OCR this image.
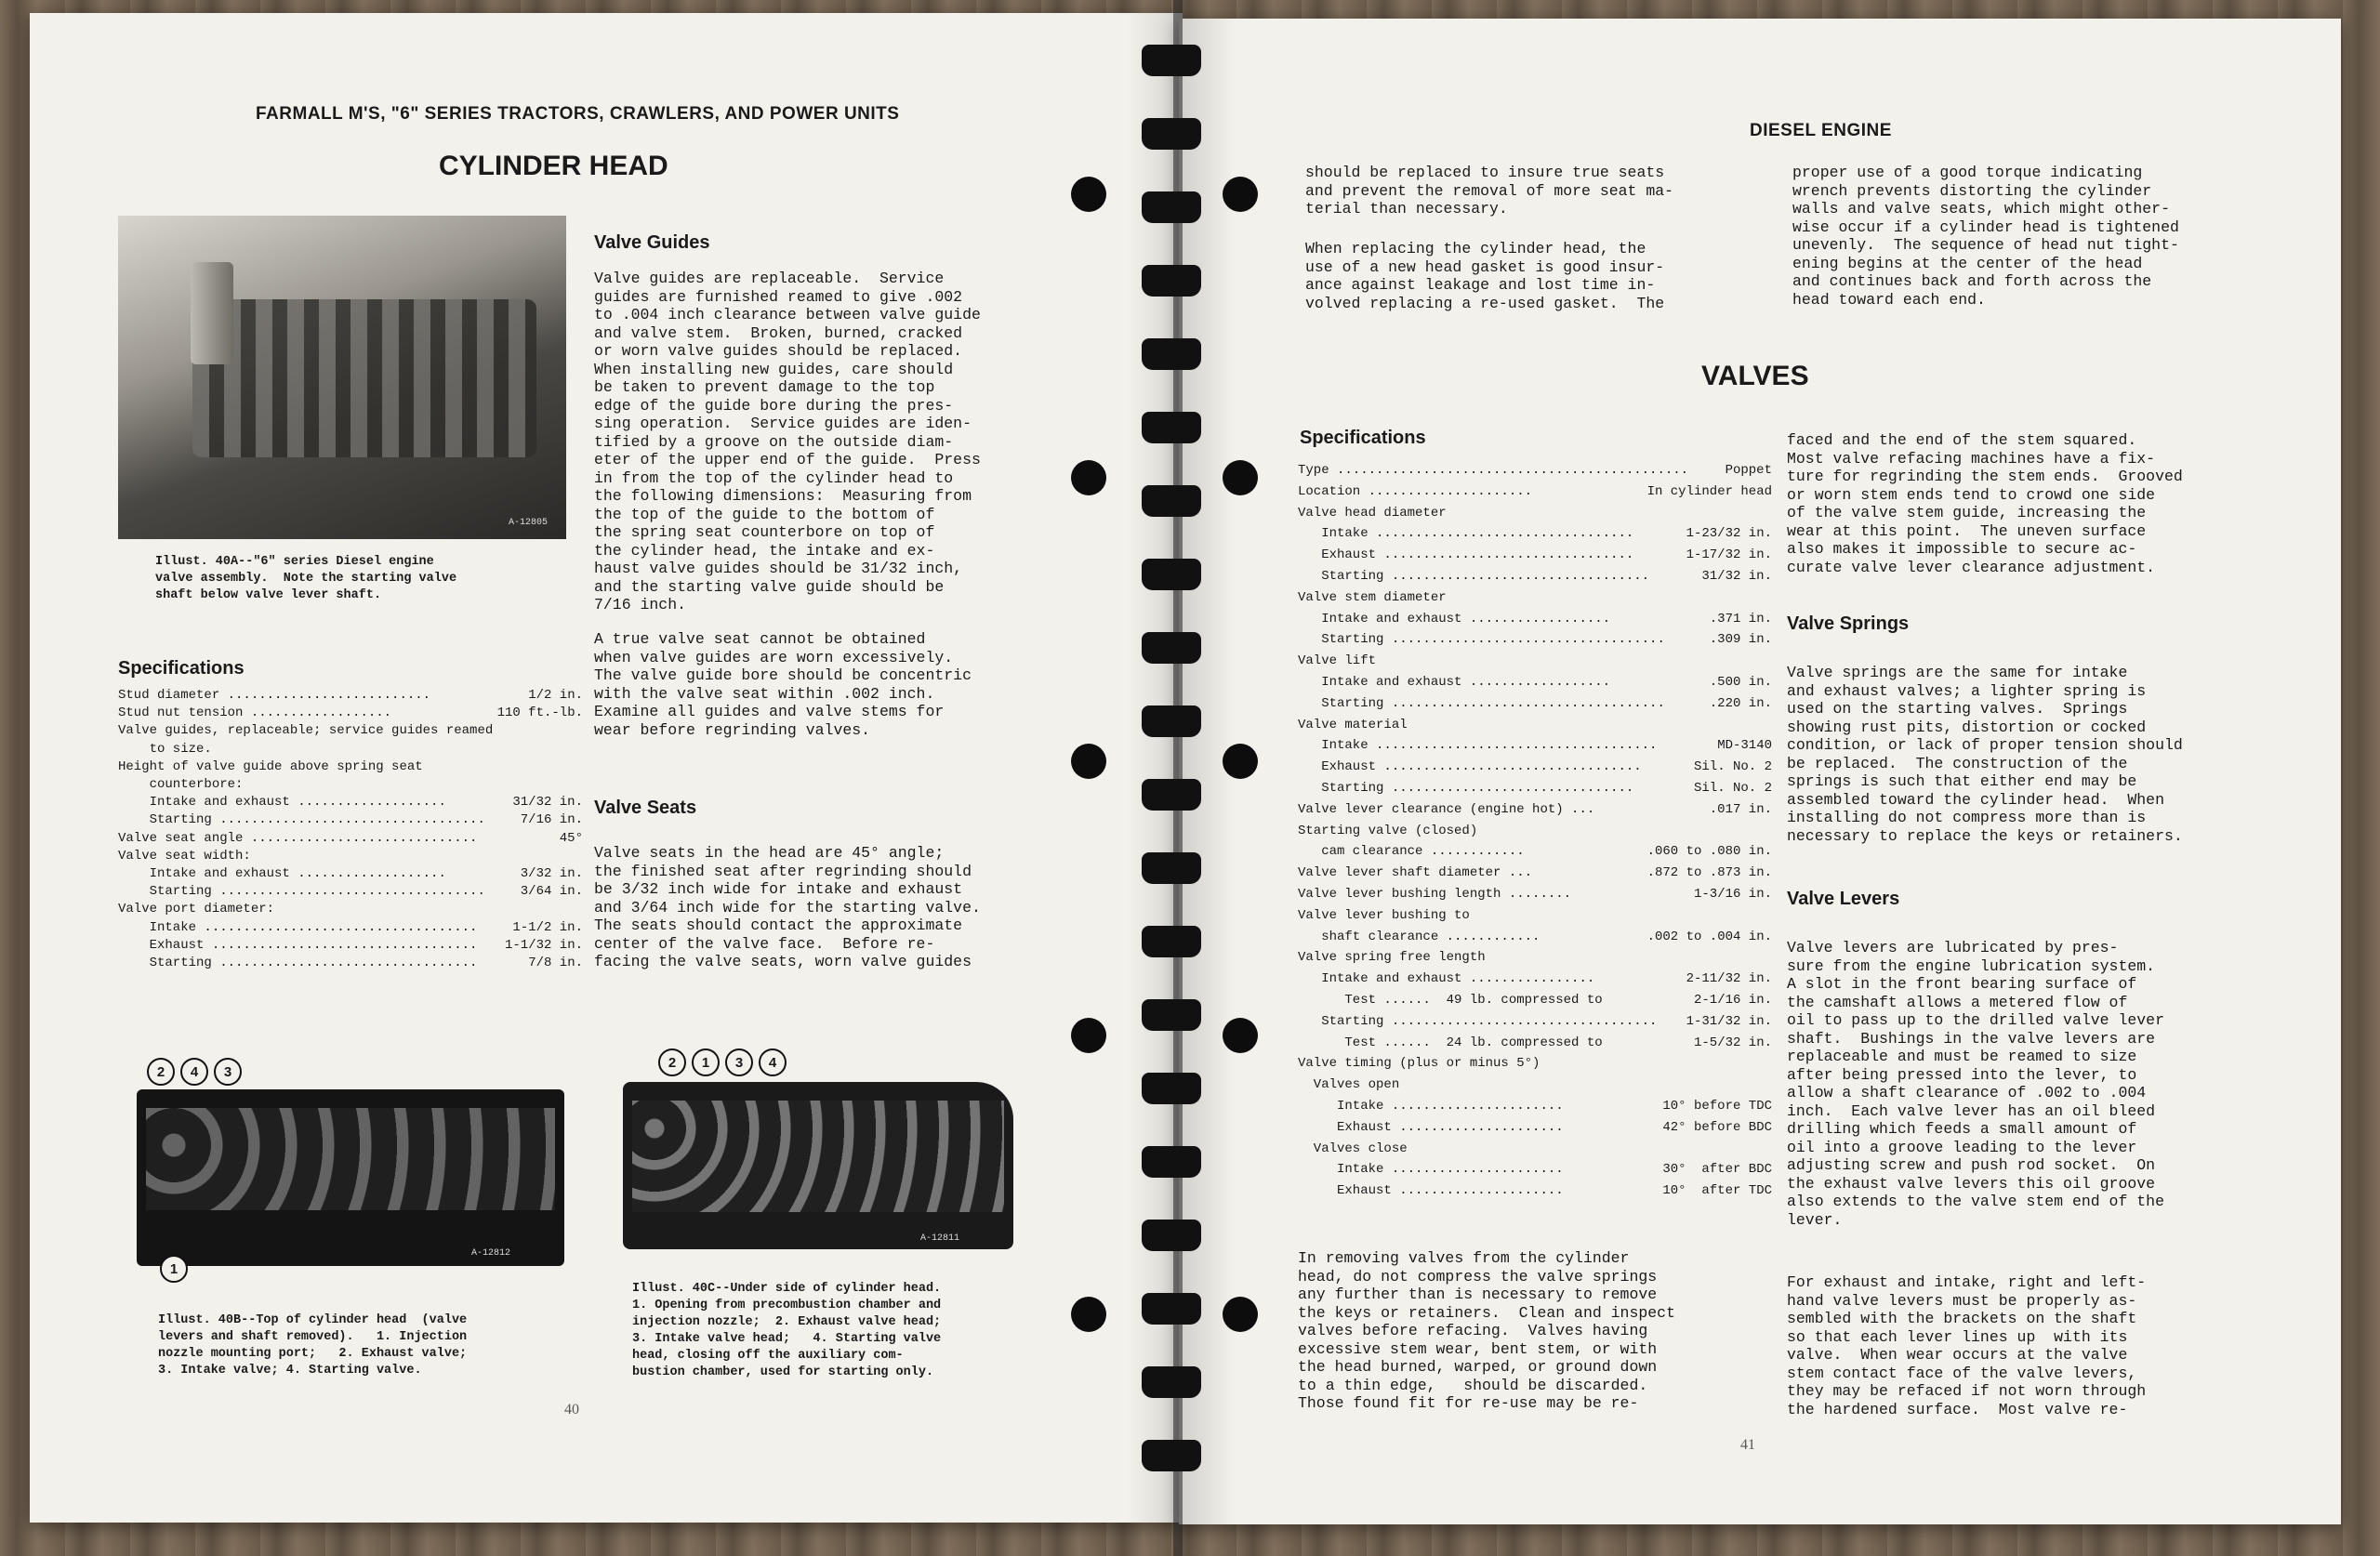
FARMALL M'S, "6" SERIES TRACTORS, CRAWLERS, AND POWER UNITS
CYLINDER HEAD
A-12805
Illust. 40A--"6" series Diesel engine
valve assembly.  Note the starting valve
shaft below valve lever shaft.
Valve Guides
Valve guides are replaceable.  Service
guides are furnished reamed to give .002
to .004 inch clearance between valve guide
and valve stem.  Broken, burned, cracked
or worn valve guides should be replaced.
When installing new guides, care should
be taken to prevent damage to the top
edge of the guide bore during the pres-
sing operation.  Service guides are iden-
tified by a groove on the outside diam-
eter of the upper end of the guide.  Press
in from the top of the cylinder head to
the following dimensions:  Measuring from
the top of the guide to the bottom of
the spring seat counterbore on top of
the cylinder head, the intake and ex-
haust valve guides should be 31/32 inch,
and the starting valve guide should be
7/16 inch.
A true valve seat cannot be obtained
when valve guides are worn excessively.
The valve guide bore should be concentric
with the valve seat within .002 inch.
Examine all guides and valve stems for
wear before regrinding valves.
Valve Seats
Valve seats in the head are 45° angle;
the finished seat after regrinding should
be 3/32 inch wide for intake and exhaust
and 3/64 inch wide for the starting valve.
The seats should contact the approximate
center of the valve face.  Before re-
facing the valve seats, worn valve guides
Specifications
Stud diameter ..........................	1/2 in.
Stud nut tension ..................	110 ft.-lb.
Valve guides, replaceable; service guides reamed
to size.
Height of valve guide above spring seat
counterbore:
Intake and exhaust ...................	31/32 in.
Starting ..................................	7/16 in.
Valve seat angle .............................	45°
Valve seat width:
Intake and exhaust ...................	3/32 in.
Starting ..................................	3/64 in.
Valve port diameter:
Intake ...................................	1-1/2 in.
Exhaust .................................. 1-1/32 in.
Starting .................................	7/8 in.
A-12812
2	4	3
Illust. 40B--Top of cylinder head  (valve
levers and shaft removed).   1. Injection
nozzle mounting port;   2. Exhaust valve;
3. Intake valve; 4. Starting valve.
A-12811
2	1	3	4
Illust. 40C--Under side of cylinder head.
1. Opening from precombustion chamber and
injection nozzle;  2. Exhaust valve head;
3. Intake valve head;   4. Starting valve
head, closing off the auxiliary com-
bustion chamber, used for starting only.
40
1
DIESEL ENGINE
should be replaced to insure true seats
and prevent the removal of more seat ma-
terial than necessary.
When replacing the cylinder head, the
use of a new head gasket is good insur-
ance against leakage and lost time in-
volved replacing a re-used gasket.  The
proper use of a good torque indicating
wrench prevents distorting the cylinder
walls and valve seats, which might other-
wise occur if a cylinder head is tightened
unevenly.  The sequence of head nut tight-
ening begins at the center of the head
and continues back and forth across the
head toward each end.
VALVES
Specifications
Type .............................................	Poppet
Location .....................	In cylinder head
Valve head diameter
Intake .................................	1-23/32 in.
Exhaust ................................	1-17/32 in.
Starting .................................	31/32 in.
Valve stem diameter
Intake and exhaust ..................	.371 in.
Starting ...................................	.309 in.
Valve lift
Intake and exhaust ..................	.500 in.
Starting ...................................	.220 in.
Valve material
Intake ....................................	MD-3140
Exhaust .................................	Sil. No. 2
Starting ...............................	Sil. No. 2
Valve lever clearance (engine hot) ...	.017 in.
Starting valve (closed)
cam clearance ............	.060 to .080 in.
Valve lever shaft diameter ...	.872 to .873 in.
Valve lever bushing length ........	1-3/16 in.
Valve lever bushing to
shaft clearance ............	.002 to .004 in.
Valve spring free length
Intake and exhaust ................	2-11/32 in.
Test ......  49 lb. compressed to	2-1/16 in.
Starting .................................. 1-31/32 in.
Test ......  24 lb. compressed to	1-5/32 in.
Valve timing (plus or minus 5°)
Valves open
Intake ......................	10° before TDC
Exhaust .....................	42° before BDC
Valves close
Intake ......................	30°  after BDC
Exhaust .....................	10°  after TDC
In removing valves from the cylinder
head, do not compress the valve springs
any further than is necessary to remove
the keys or retainers.  Clean and inspect
valves before refacing.  Valves having
excessive stem wear, bent stem, or with
the head burned, warped, or ground down
to a thin edge,   should be discarded.
Those found fit for re-use may be re-
faced and the end of the stem squared.
Most valve refacing machines have a fix-
ture for regrinding the stem ends.  Grooved
or worn stem ends tend to crowd one side
of the valve stem guide, increasing the
wear at this point.  The uneven surface
also makes it impossible to secure ac-
curate valve lever clearance adjustment.
Valve Springs
Valve springs are the same for intake
and exhaust valves; a lighter spring is
used on the starting valves.  Springs
showing rust pits, distortion or cocked
condition, or lack of proper tension should
be replaced.  The construction of the
springs is such that either end may be
assembled toward the cylinder head.  When
installing do not compress more than is
necessary to replace the keys or retainers.
Valve Levers
Valve levers are lubricated by pres-
sure from the engine lubrication system.
A slot in the front bearing surface of
the camshaft allows a metered flow of
oil to pass up to the drilled valve lever
shaft.  Bushings in the valve levers are
replaceable and must be reamed to size
after being pressed into the lever, to
allow a shaft clearance of .002 to .004
inch.  Each valve lever has an oil bleed
drilling which feeds a small amount of
oil into a groove leading to the lever
adjusting screw and push rod socket.  On
the exhaust valve levers this oil groove
also extends to the valve stem end of the
lever.
For exhaust and intake, right and left-
hand valve levers must be properly as-
sembled with the brackets on the shaft
so that each lever lines up  with its
valve.  When wear occurs at the valve
stem contact face of the valve levers,
they may be refaced if not worn through
the hardened surface.  Most valve re-
41
